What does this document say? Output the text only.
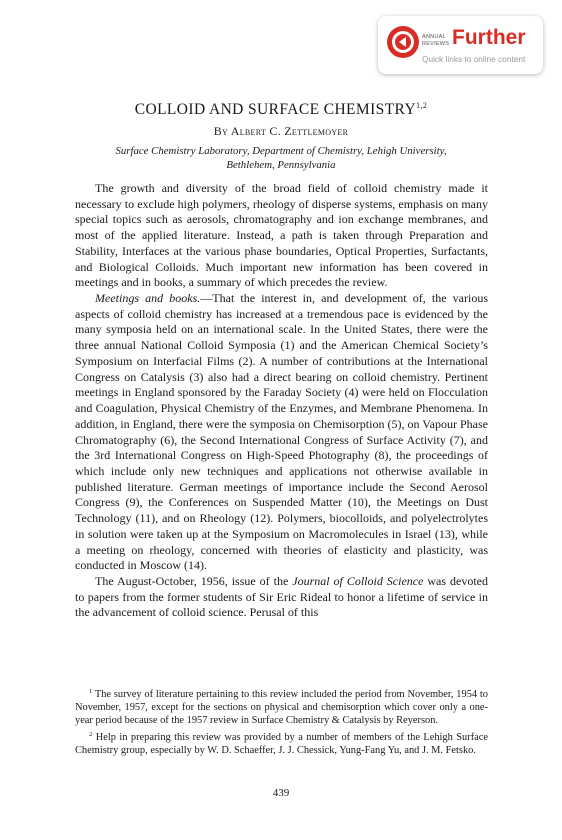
ANNUAL
REVIEWS Further
Quick links to online content
COLLOID AND SURFACE CHEMISTRY$^{1,2}$
By Albert C. Zettlemoyer
Surface Chemistry Laboratory, Department of Chemistry, Lehigh University,
Bethlehem, Pennsylvania

The growth and diversity of the broad field of colloid chemistry made it necessary to exclude high polymers, rheology of disperse systems, emphasis on many special topics such as aerosols, chromatography and ion exchange membranes, and most of the applied literature. Instead, a path is taken through Preparation and Stability, Interfaces at the various phase boundaries, Optical Properties, Surfactants, and Biological Colloids. Much important new information has been covered in meetings and in books, a summary of which precedes the review.

Meetings and books.—That the interest in, and development of, the various aspects of colloid chemistry has increased at a tremendous pace is evidenced by the many symposia held on an international scale. In the United States, there were the three annual National Colloid Symposia (1) and the American Chemical Society’s Symposium on Interfacial Films (2). A number of contributions at the International Congress on Catalysis (3) also had a direct bearing on colloid chemistry. Pertinent meetings in England sponsored by the Faraday Society (4) were held on Flocculation and Coagulation, Physical Chemistry of the Enzymes, and Membrane Phenomena. In addition, in England, there were the symposia on Chemisorption (5), on Vapour Phase Chromatography (6), the Second International Congress of Surface Activity (7), and the 3rd International Congress on High-Speed Photography (8), the proceedings of which include only new techniques and applications not otherwise available in published literature. German meetings of importance include the Second Aerosol Congress (9), the Conferences on Suspended Matter (10), the Meetings on Dust Technology (11), and on Rheology (12). Polymers, biocolloids, and polyelectrolytes in solution were taken up at the Symposium on Macromolecules in Israel (13), while a meeting on rheology, concerned with theories of elasticity and plasticity, was conducted in Moscow (14).

The August-October, 1956, issue of the Journal of Colloid Science was devoted to papers from the former students of Sir Eric Rideal to honor a lifetime of service in the advancement of colloid science. Perusal of this

$^1$ The survey of literature pertaining to this review included the period from November, 1954 to November, 1957, except for the sections on physical and chemisorption which cover only a one-year period because of the 1957 review in Surface Chemistry & Catalysis by Reyerson.

$^2$ Help in preparing this review was provided by a number of members of the Lehigh Surface Chemistry group, especially by W. D. Schaeffer, J. J. Chessick, Yung-Fang Yu, and J. M. Fetsko.

439
